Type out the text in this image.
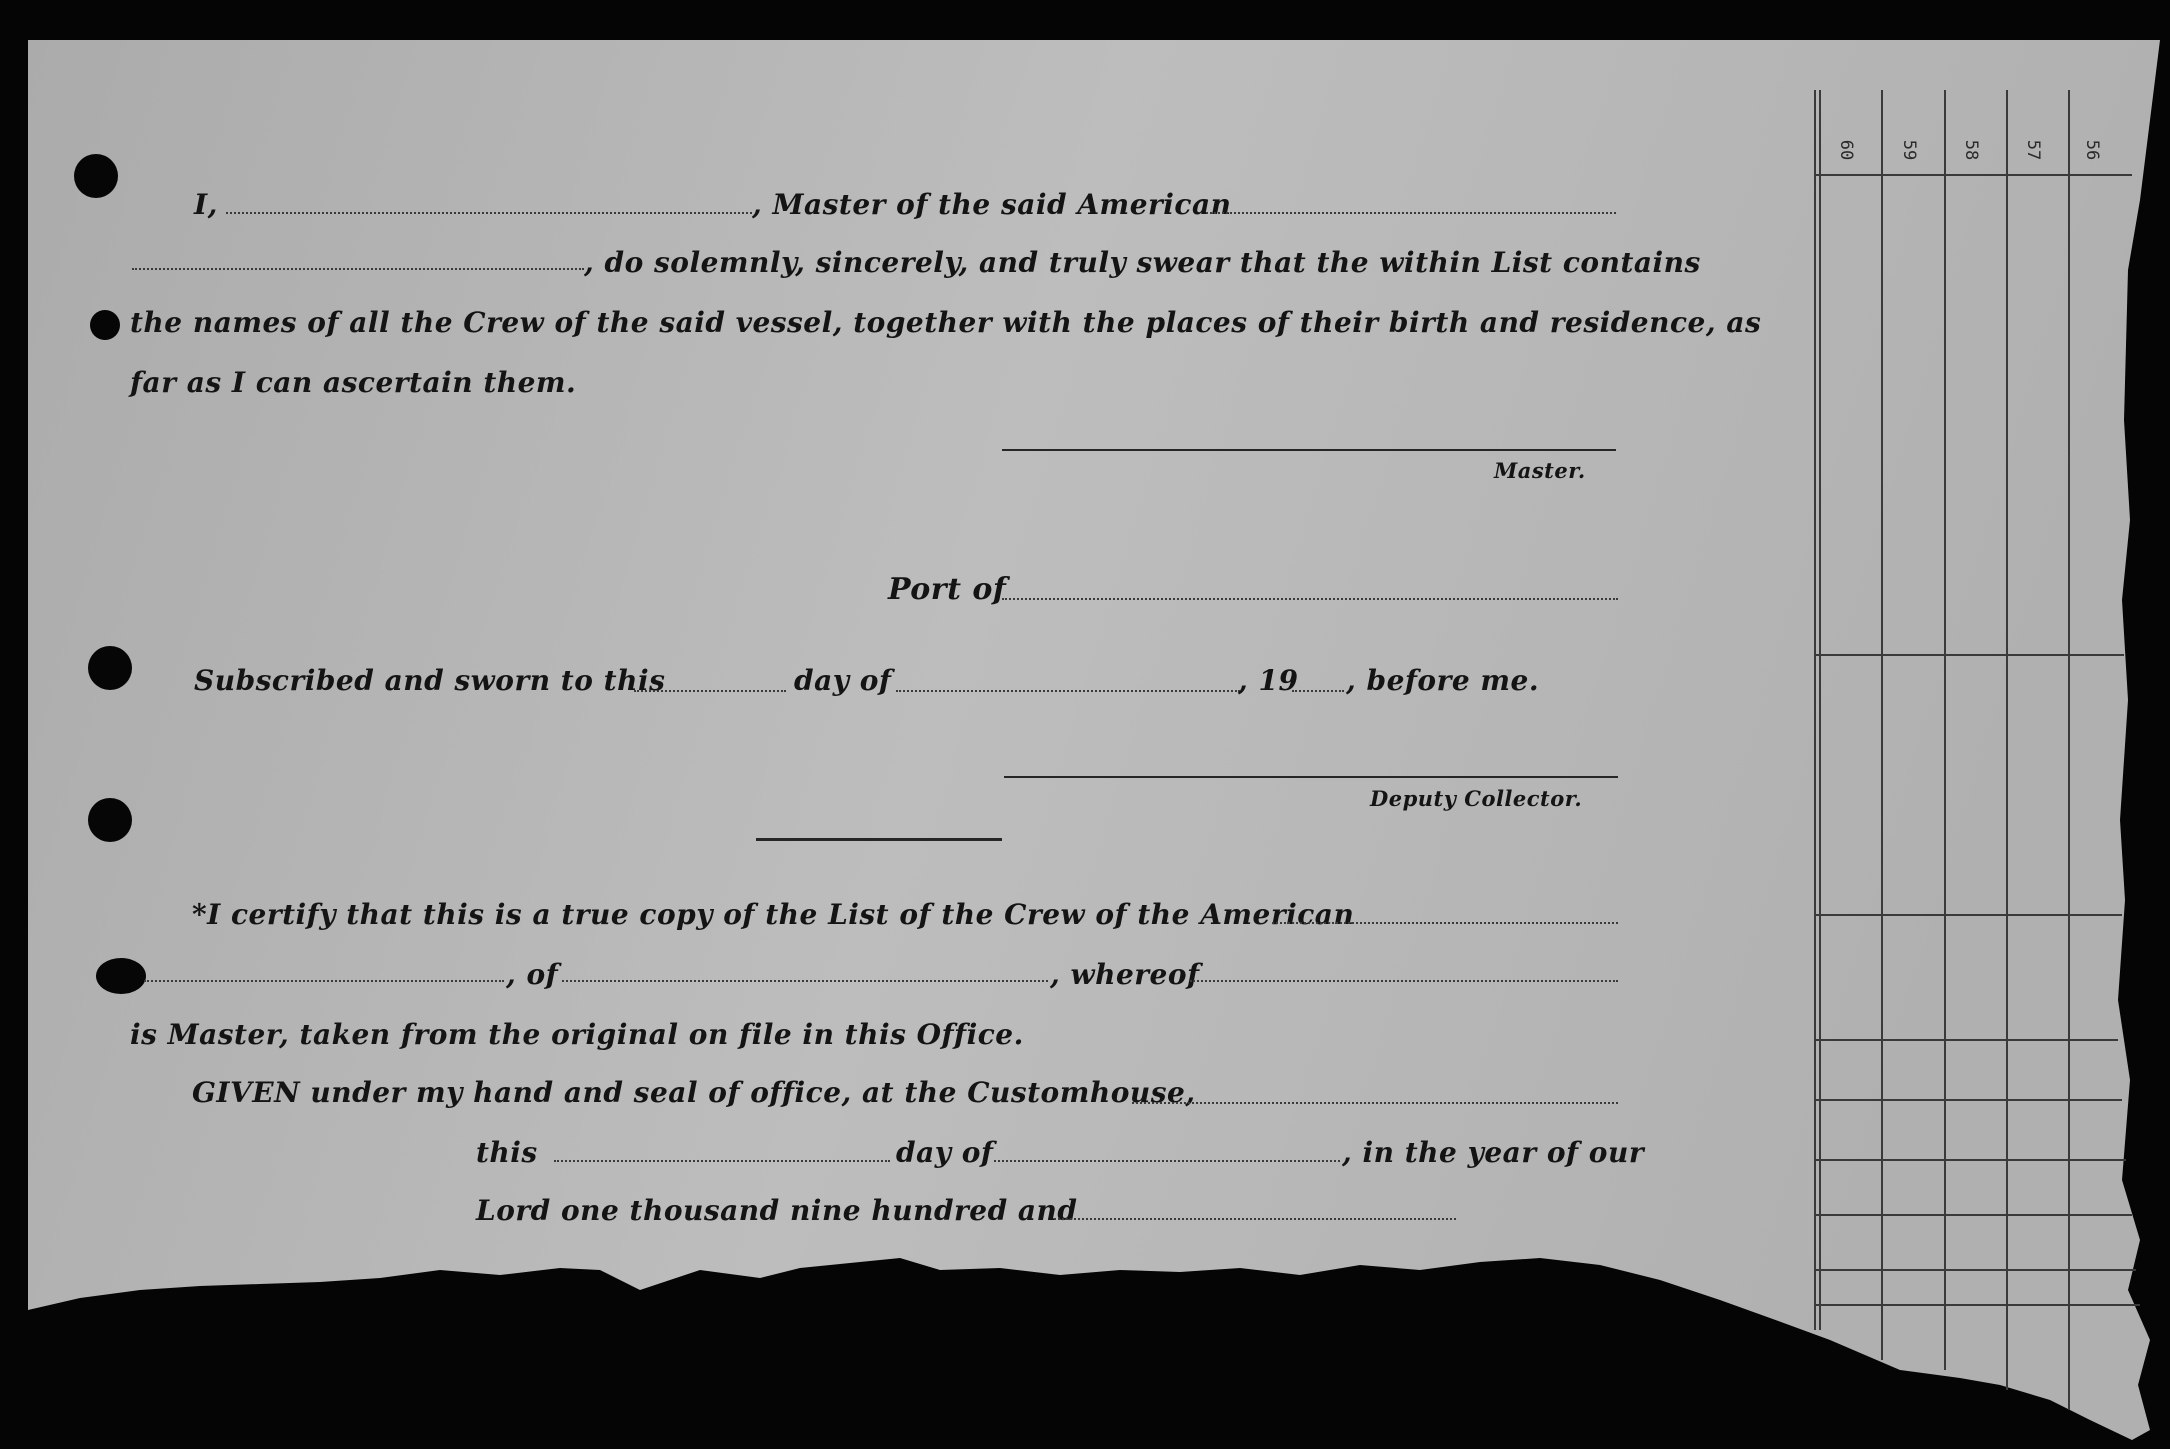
60	59 58 57 56
I,	, Master of the said American
, do solemnly, sincerely, and truly swear that the within List contains
the names of all the Crew of the said vessel, together with the places of their birth and residence, as
far as I can ascertain them.
Master.
Port of
Subscribed and sworn to this	day of	, 19 , before me.
Deputy Collector.
*I certify that this is a true copy of the List of the Crew of the American
, of	, whereof
is Master, taken from the original on file in this Office.
GIVEN under my hand and seal of office, at the Customhouse,
this	day of	, in the year of our
Lord one thousand nine hundred and
